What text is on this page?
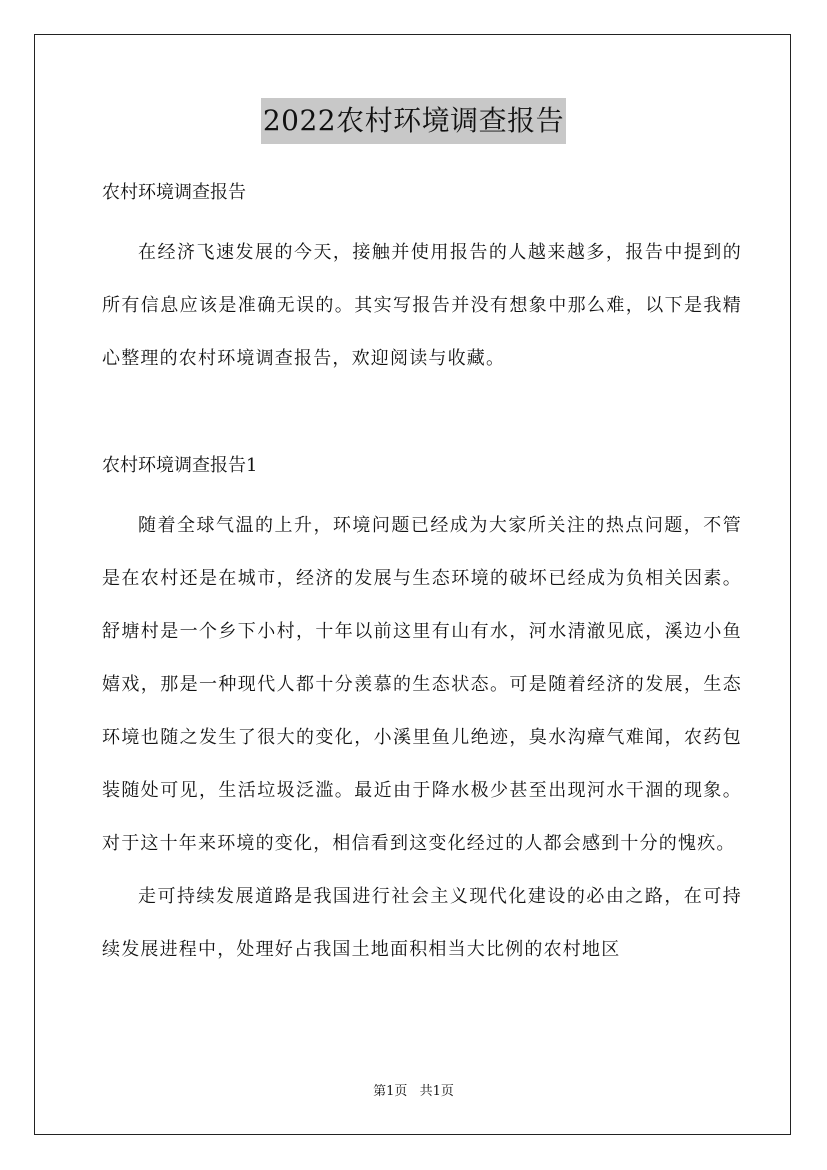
2022农村环境调查报告

农村环境调查报告

在经济飞速发展的今天，接触并使用报告的人越来越多，报告中提到的所有信息应该是准确无误的。其实写报告并没有想象中那么难，以下是我精心整理的农村环境调查报告，欢迎阅读与收藏。

农村环境调查报告1

随着全球气温的上升，环境问题已经成为大家所关注的热点问题，不管是在农村还是在城市，经济的发展与生态环境的破坏已经成为负相关因素。舒塘村是一个乡下小村，十年以前这里有山有水，河水清澈见底，溪边小鱼嬉戏，那是一种现代人都十分羡慕的生态状态。可是随着经济的发展，生态环境也随之发生了很大的变化，小溪里鱼儿绝迹，臭水沟瘴气难闻，农药包装随处可见，生活垃圾泛滥。最近由于降水极少甚至出现河水干涸的现象。对于这十年来环境的变化，相信看到这变化经过的人都会感到十分的愧疚。

走可持续发展道路是我国进行社会主义现代化建设的必由之路，在可持续发展进程中，处理好占我国土地面积相当大比例的农村地区

第1页 共1页
